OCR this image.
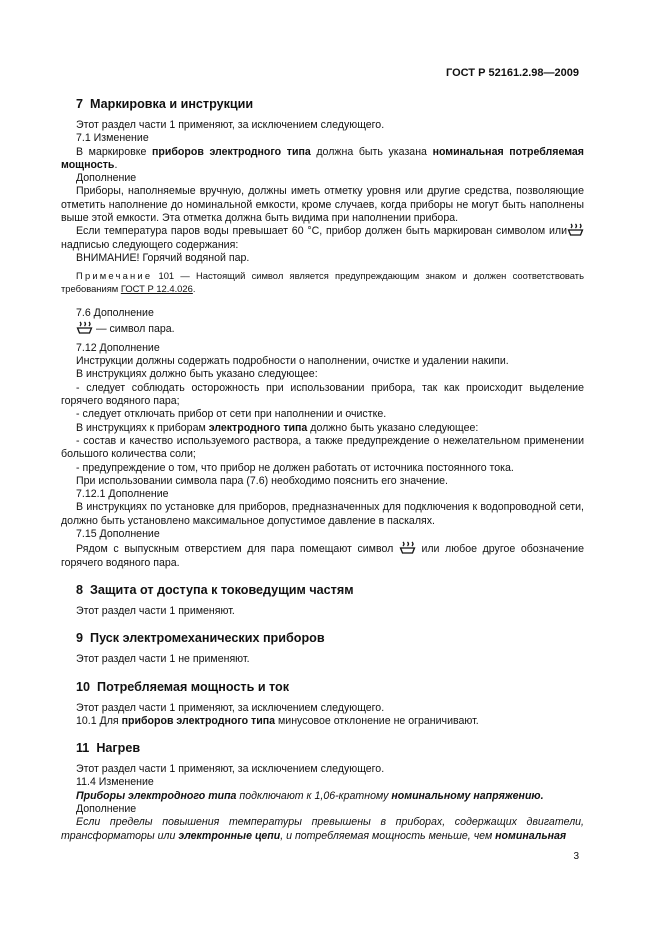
ГОСТ Р 52161.2.98—2009
7 Маркировка и инструкции

Этот раздел части 1 применяют, за исключением следующего.

7.1 Изменение

В маркировке приборов электродного типа должна быть указана номинальная потребляемая мощность.

Дополнение

Приборы, наполняемые вручную, должны иметь отметку уровня или другие средства, позволяющие отметить наполнение до номинальной емкости, кроме случаев, когда приборы не могут быть наполнены выше этой емкости. Эта отметка должна быть видима при наполнении прибора.

Если температура паров воды превышает 60 °С, прибор должен быть маркирован символом или надписью следующего содержания:

ВНИМАНИЕ! Горячий водяной пар.

Примечание 101 — Настоящий символ является предупреждающим знаком и должен соответствовать требованиям ГОСТ Р 12.4.026.

7.6 Дополнение

— символ пара.

7.12 Дополнение

Инструкции должны содержать подробности о наполнении, очистке и удалении накипи.

В инструкциях должно быть указано следующее:

- следует соблюдать осторожность при использовании прибора, так как происходит выделение горячего водяного пара;

- следует отключать прибор от сети при наполнении и очистке.

В инструкциях к приборам электродного типа должно быть указано следующее:

- состав и качество используемого раствора, а также предупреждение о нежелательном применении большого количества соли;

- предупреждение о том, что прибор не должен работать от источника постоянного тока.

При использовании символа пара (7.6) необходимо пояснить его значение.

7.12.1 Дополнение

В инструкциях по установке для приборов, предназначенных для подключения к водопроводной сети, должно быть установлено максимальное допустимое давление в паскалях.

7.15 Дополнение

Рядом с выпускным отверстием для пара помещают символ  или любое другое обозначение горячего водяного пара.

8 Защита от доступа к токоведущим частям

Этот раздел части 1 применяют.

9 Пуск электромеханических приборов

Этот раздел части 1 не применяют.

10 Потребляемая мощность и ток

Этот раздел части 1 применяют, за исключением следующего.

10.1 Для приборов электродного типа минусовое отклонение не ограничивают.

11 Нагрев

Этот раздел части 1 применяют, за исключением следующего.

11.4 Изменение

Приборы электродного типа подключают к 1,06-кратному номинальному напряжению.

Дополнение

Если пределы повышения температуры превышены в приборах, содержащих двигатели, трансформаторы или электронные цепи, и потребляемая мощность меньше, чем номинальная

3
